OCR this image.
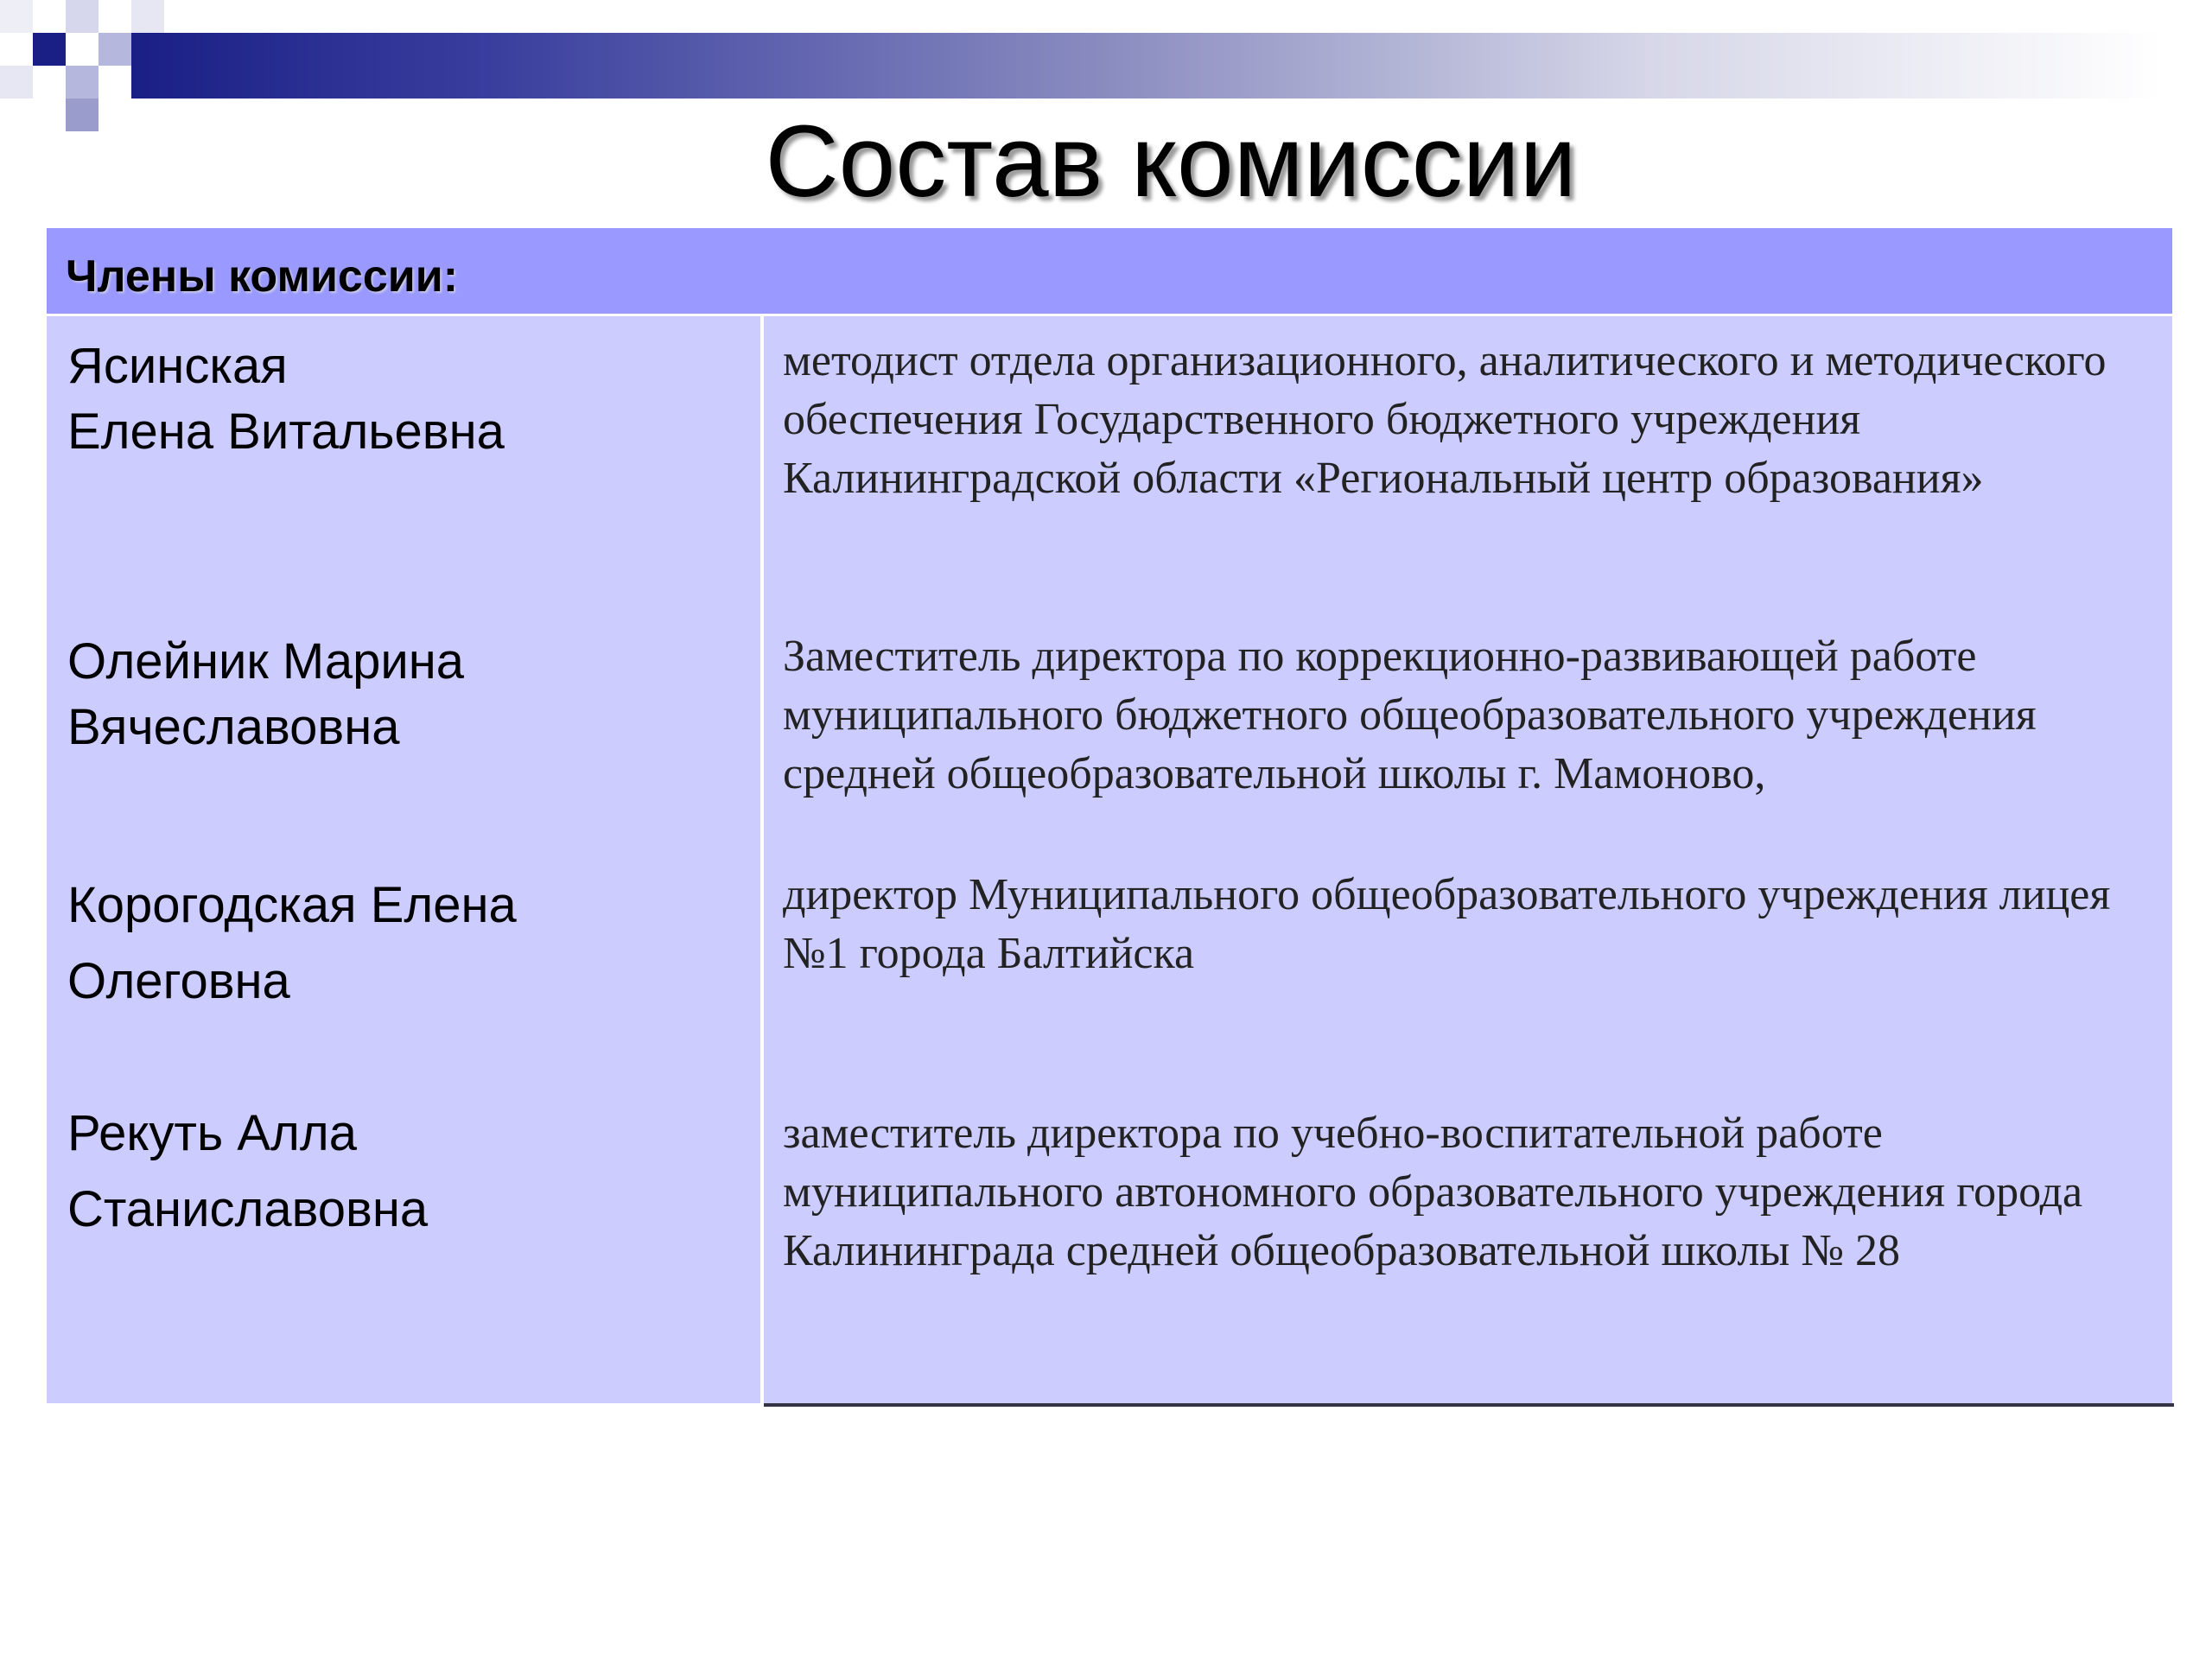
Состав комиссии
Члены комиссии:
Ясинская
Елена Витальевна
методист отдела организационного, аналитического и методического обеспечения Государственного бюджетного учреждения Калининградской области «Региональный центр образования»
Олейник Марина
Вячеславовна
Заместитель директора по коррекционно-развивающей работе муниципального бюджетного общеобразовательного учреждения средней общеобразовательной школы г. Мамоново,
Корогодская Елена
Олеговна
директор Муниципального общеобразовательного учреждения лицея №1 города Балтийска
Рекуть Алла
Станиславовна
заместитель директора по учебно-воспитательной работе муниципального автономного образовательного учреждения города Калининграда средней общеобразовательной школы № 28
